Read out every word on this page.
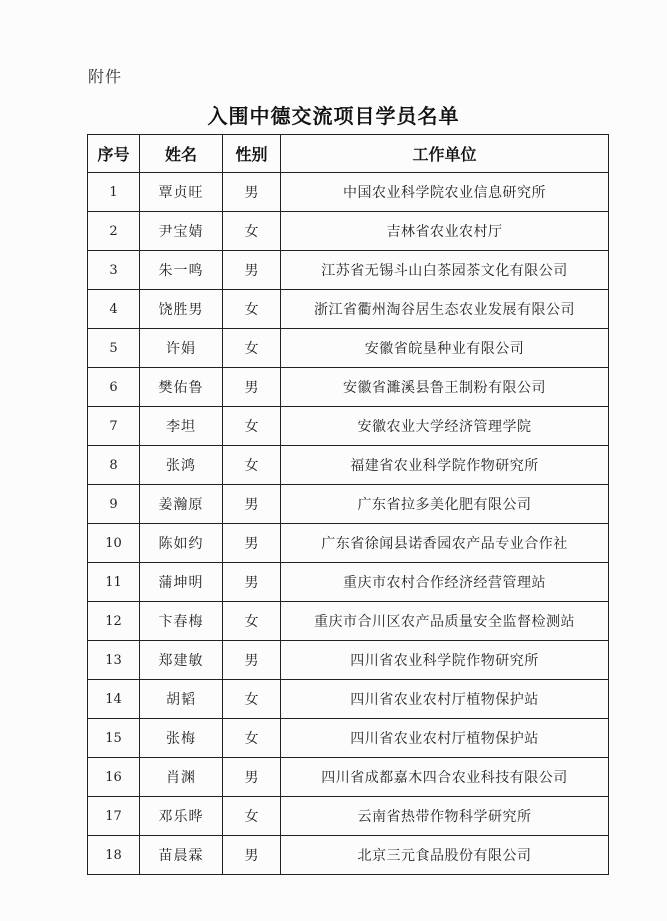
附件
入围中德交流项目学员名单
序号	姓名	性别	工作单位
1	覃贞旺	男	中国农业科学院农业信息研究所
2	尹宝婧	女	吉林省农业农村厅
3	朱一鸣	男	江苏省无锡斗山白茶园茶文化有限公司
4	饶胜男	女	浙江省衢州淘谷居生态农业发展有限公司
5	许娟	女	安徽省皖垦种业有限公司
6	樊佑鲁	男	安徽省濉溪县鲁王制粉有限公司
7	李坦	女	安徽农业大学经济管理学院
8	张鸿	女	福建省农业科学院作物研究所
9	姜瀚原	男	广东省拉多美化肥有限公司
10	陈如约	男	广东省徐闻县诺香园农产品专业合作社
11	蒲坤明	男	重庆市农村合作经济经营管理站
12	卞春梅	女	重庆市合川区农产品质量安全监督检测站
13	郑建敏	男	四川省农业科学院作物研究所
14	胡韬	女	四川省农业农村厅植物保护站
15	张梅	女	四川省农业农村厅植物保护站
16	肖渊	男	四川省成都嘉木四合农业科技有限公司
17	邓乐晔	女	云南省热带作物科学研究所
18	苗晨霖	男	北京三元食品股份有限公司
